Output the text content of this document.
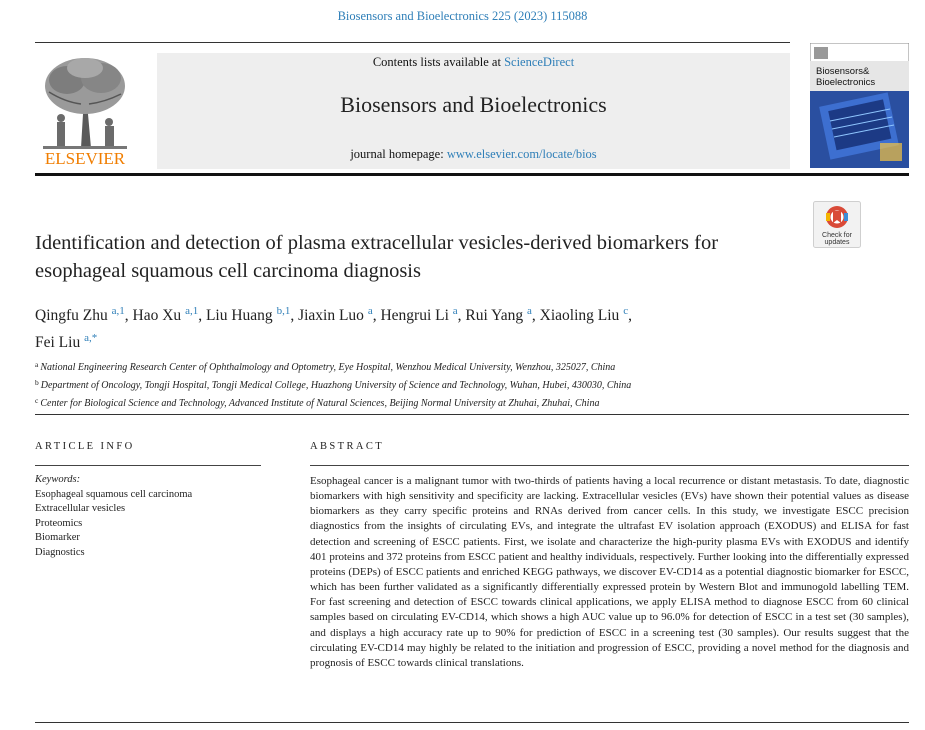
Biosensors and Bioelectronics 225 (2023) 115088
ELSEVIER
Contents lists available at ScienceDirect
Biosensors and Bioelectronics
journal homepage: www.elsevier.com/locate/bios
Biosensors&
Bioelectronics
Check for
updates
Identification and detection of plasma extracellular vesicles-derived biomarkers for esophageal squamous cell carcinoma diagnosis
Qingfu Zhu $^{a,1}$, Hao Xu $^{a,1}$, Liu Huang $^{b,1}$, Jiaxin Luo $^a$, Hengrui Li $^a$, Rui Yang $^a$, Xiaoling Liu $^c$,
Fei Liu $^{a,*}$
$^a$ National Engineering Research Center of Ophthalmology and Optometry, Eye Hospital, Wenzhou Medical University, Wenzhou, 325027, China
$^b$ Department of Oncology, Tongji Hospital, Tongji Medical College, Huazhong University of Science and Technology, Wuhan, Hubei, 430030, China
$^c$ Center for Biological Science and Technology, Advanced Institute of Natural Sciences, Beijing Normal University at Zhuhai, Zhuhai, China
ARTICLE INFO	ABSTRACT
Keywords:
Esophageal squamous cell carcinoma
Extracellular vesicles
Proteomics
Biomarker
Diagnostics
Esophageal cancer is a malignant tumor with two-thirds of patients having a local recurrence or distant metastasis. To date, diagnostic biomarkers with high sensitivity and specificity are lacking. Extracellular vesicles (EVs) have shown their potential values as disease biomarkers as they carry specific proteins and RNAs derived from cancer cells. In this study, we investigate ESCC precision diagnostics from the insights of circulating EVs, and integrate the ultrafast EV isolation approach (EXODUS) and ELISA for fast detection and screening of ESCC patients. First, we isolate and characterize the high-purity plasma EVs with EXODUS and identify 401 proteins and 372 proteins from ESCC patient and healthy individuals, respectively. Further looking into the differentially expressed proteins (DEPs) of ESCC patients and enriched KEGG pathways, we discover EV-CD14 as a potential diagnostic biomarker for ESCC, which has been further validated as a significantly differentially expressed protein by Western Blot and immunogold labelling TEM. For fast screening and detection of ESCC towards clinical applications, we apply ELISA method to diagnose ESCC from 60 clinical samples based on circulating EV-CD14, which shows a high AUC value up to 96.0% for detection of ESCC in a test set (30 samples), and displays a high accuracy rate up to 90% for prediction of ESCC in a screening test (30 samples). Our results suggest that the circulating EV-CD14 may highly be related to the initiation and progression of ESCC, providing a novel method for the diagnosis and prognosis of ESCC towards clinical translations.
